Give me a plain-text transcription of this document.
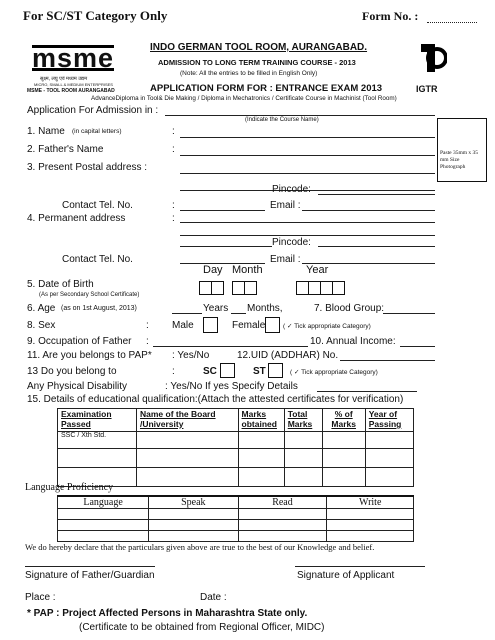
For SC/ST Category Only	Form No. :
msme
सूक्ष्म, लघु एवं मध्यम उद्यम
MICRO, SMALL & MEDIUM ENTERPRISES
MSME - TOOL ROOM AURANGABAD
INDO GERMAN TOOL ROOM, AURANGABAD.
ADMISSION TO LONG TERM TRAINING COURSE - 2013
(Note: All the entries to be filled in English Only)
IGTR
APPLICATION FORM FOR : ENTRANCE EXAM 2013
AdvanceDiploma in Tool& Die Making / Diploma in Mechatronics / Certificate Course in Machinist (Tool Room)
Application For Admission in :
(Indicate the Course Name)
Paste 35mm x 35 mm Size Photograph
1. Name (in capital letters)	:
2. Father's Name	:
3. Present Postal address :
Pincode:
Contact Tel. No.	:	Email :
4. Permanent address	:
Pincode:
Contact Tel. No.	Email :
Day Month	Year
5. Date of Birth
(As per Secondary School Certificate)
6. Age (as on 1st August, 2013)	Years Months,	7. Blood Group:
8. Sex	: Male	Female	( ✓ Tick appropriate Category)
9. Occupation of Father :	10. Annual Income:
11. Are you belongs to PAP* : Yes/No	12.UID (ADDHAR) No.
13 Do you belong to	:	SC	ST	( ✓ Tick appropriate Category)
Any Physical Disability	: Yes/No If yes Specify Details
15. Details of educational qualification:(Attach the attested certificates for verification)
Examination Passed	Name of the Board /University	Marks obtained	Total Marks	% of Marks	Year of Passing
SSC / Xth Std.					

Language Proficiency
Language	Speak	Read	Write

We do hereby declare that the particulars given above are true to the best of our Knowledge and belief.
Signature of Father/Guardian	Signature of Applicant
Place :	Date :
* PAP : Project Affected Persons in Maharashtra State only.
(Certificate to be obtained from Regional Officer, MIDC)
